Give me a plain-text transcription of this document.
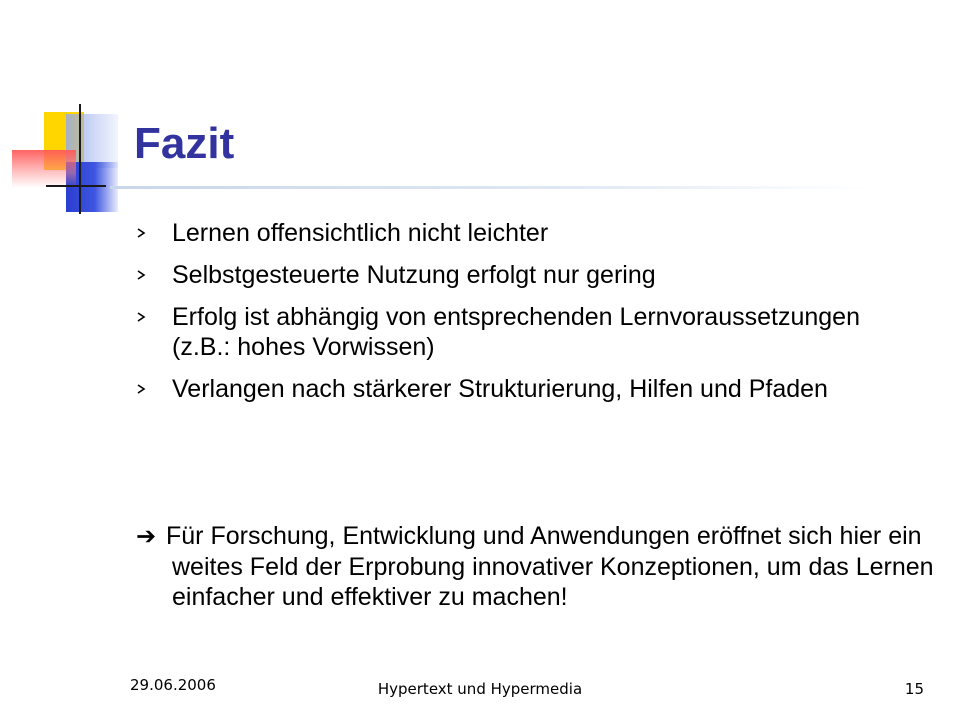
Fazit
Lernen offensichtlich nicht leichter
Selbstgesteuerte Nutzung erfolgt nur gering
Erfolg ist abhängig von entsprechenden Lernvoraussetzungen (z.B.: hohes Vorwissen)
Verlangen nach stärkerer Strukturierung, Hilfen und Pfaden

➔ Für Forschung, Entwicklung und Anwendungen eröffnet sich hier ein weites Feld der Erprobung innovativer Konzeptionen, um das Lernen einfacher und effektiver zu machen!

29.06.2006	Hypertext und Hypermedia	15
